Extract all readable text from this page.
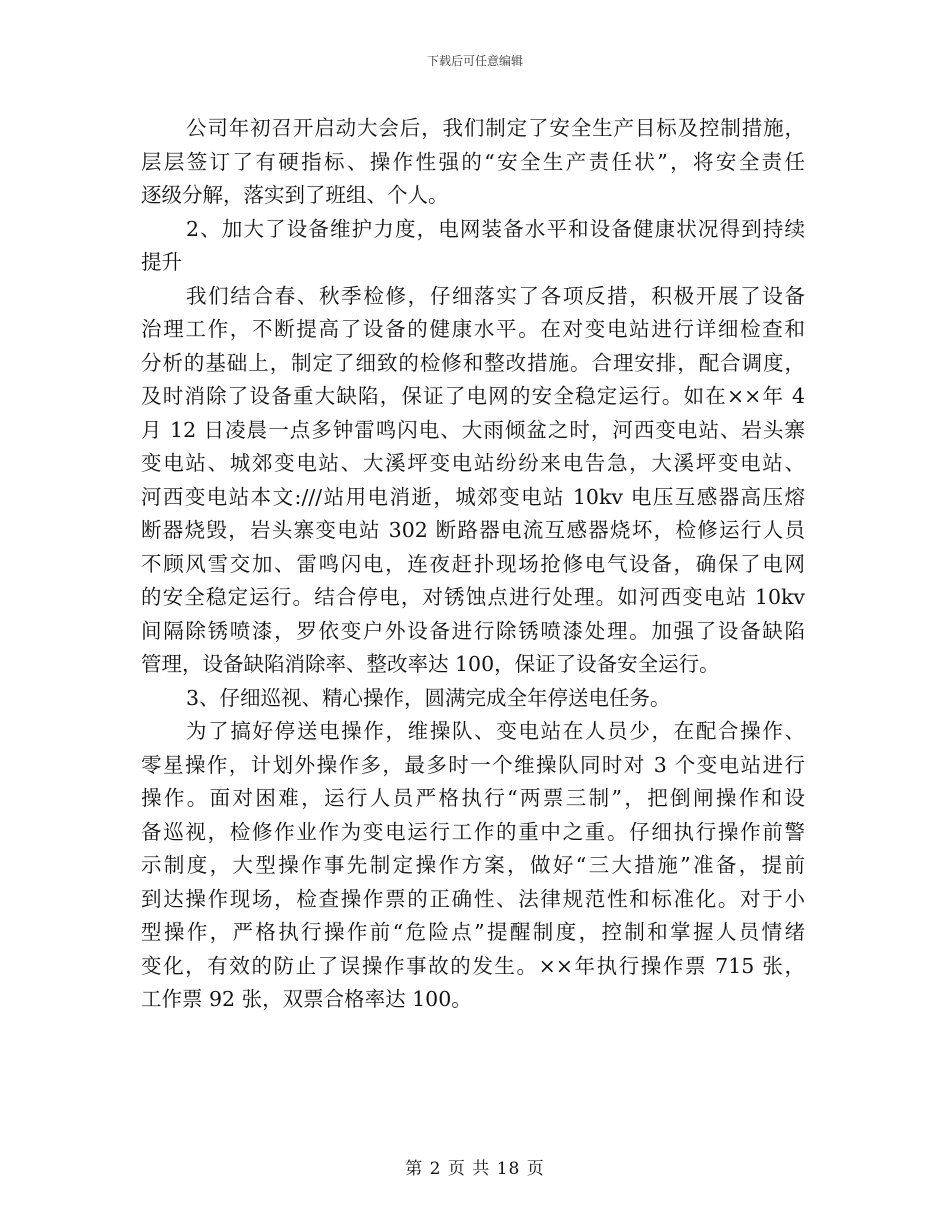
下载后可任意编辑
公司年初召开启动大会后，我们制定了安全生产目标及控制措施，
层层签订了有硬指标、操作性强的“安全生产责任状”，将安全责任
逐级分解，落实到了班组、个人。
2、加大了设备维护力度，电网装备水平和设备健康状况得到持续
提升
我们结合春、秋季检修，仔细落实了各项反措，积极开展了设备
治理工作，不断提高了设备的健康水平。在对变电站进行详细检查和
分析的基础上，制定了细致的检修和整改措施。合理安排，配合调度，
及时消除了设备重大缺陷，保证了电网的安全稳定运行。如在××年 4
月 12 日凌晨一点多钟雷鸣闪电、大雨倾盆之时，河西变电站、岩头寨
变电站、城郊变电站、大溪坪变电站纷纷来电告急，大溪坪变电站、
河西变电站本文:///站用电消逝，城郊变电站 10kv 电压互感器高压熔
断器烧毁，岩头寨变电站 302 断路器电流互感器烧坏，检修运行人员
不顾风雪交加、雷鸣闪电，连夜赶扑现场抢修电气设备，确保了电网
的安全稳定运行。结合停电，对锈蚀点进行处理。如河西变电站 10kv
间隔除锈喷漆，罗依变户外设备进行除锈喷漆处理。加强了设备缺陷
管理，设备缺陷消除率、整改率达 100，保证了设备安全运行。
3、仔细巡视、精心操作，圆满完成全年停送电任务。
为了搞好停送电操作，维操队、变电站在人员少，在配合操作、
零星操作，计划外操作多，最多时一个维操队同时对 3 个变电站进行
操作。面对困难，运行人员严格执行“两票三制”，把倒闸操作和设
备巡视，检修作业作为变电运行工作的重中之重。仔细执行操作前警
示制度，大型操作事先制定操作方案，做好“三大措施”准备，提前
到达操作现场，检查操作票的正确性、法律规范性和标准化。对于小
型操作，严格执行操作前“危险点”提醒制度，控制和掌握人员情绪
变化，有效的防止了误操作事故的发生。××年执行操作票 715 张，
工作票 92 张，双票合格率达 100。
第 2 页 共 18 页
